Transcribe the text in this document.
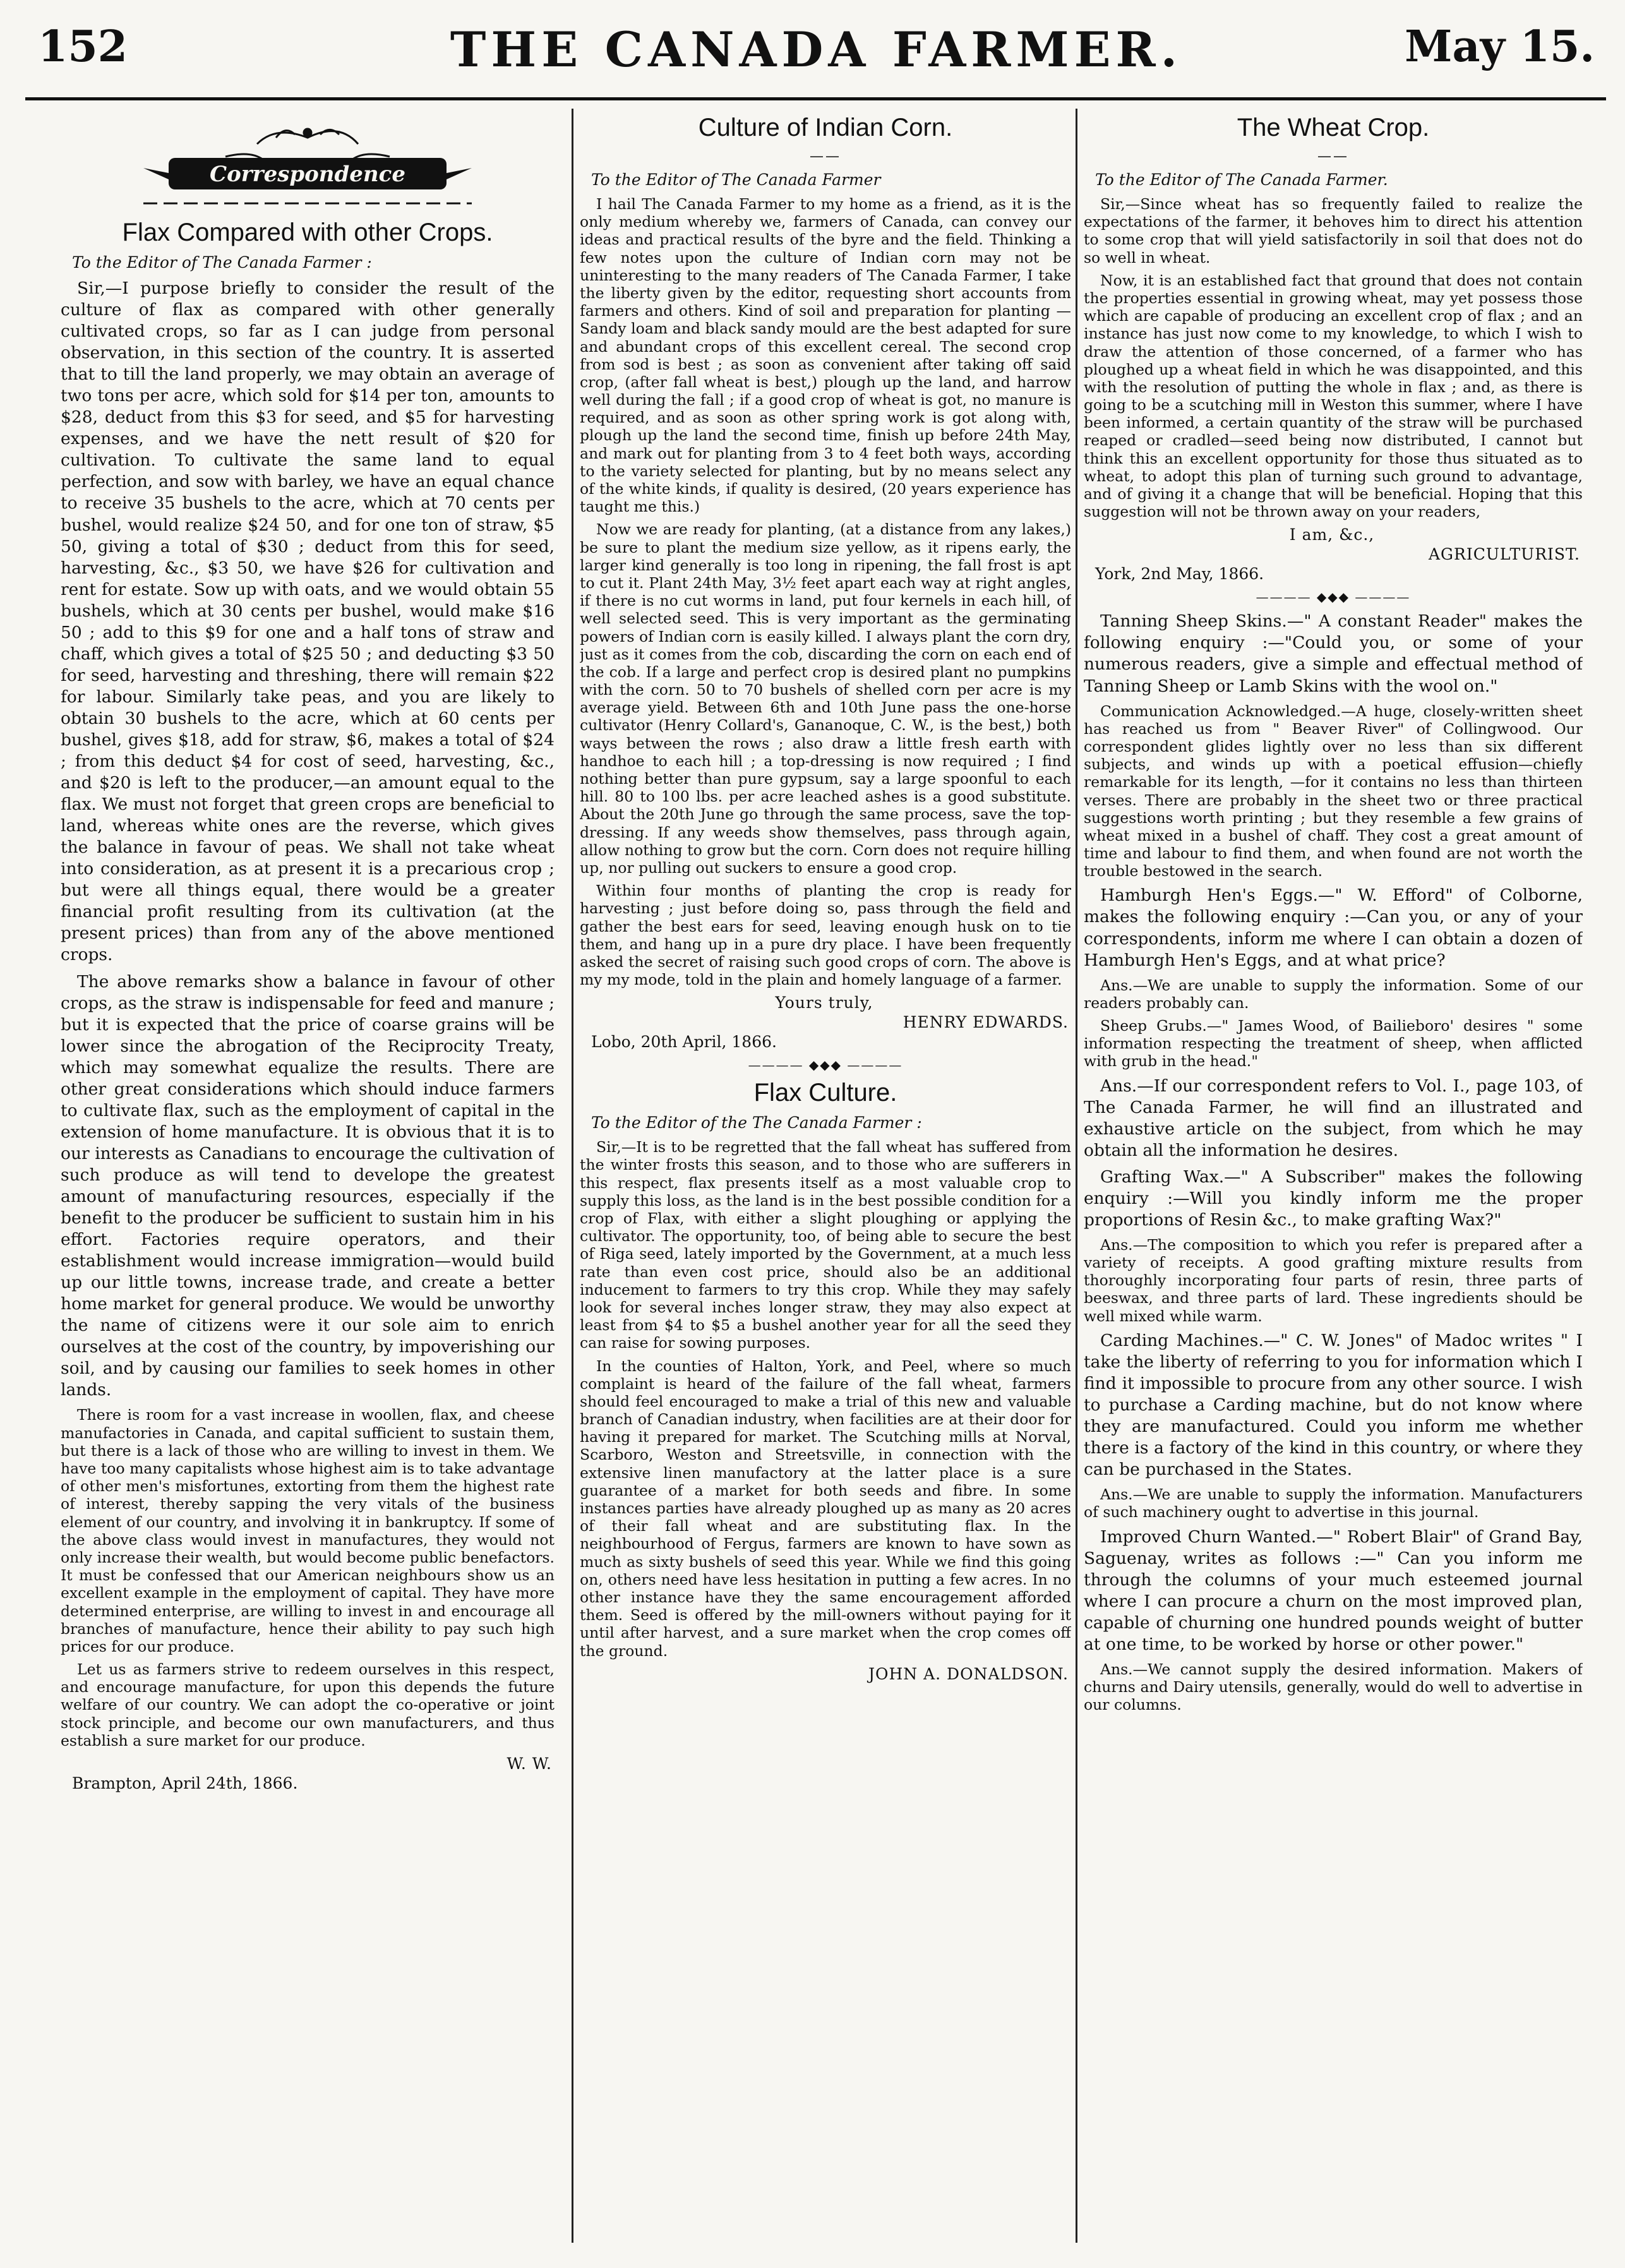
152	THE CANADA FARMER.	May 15.
Correspondence
Flax Compared with other Crops.
To the Editor of The Canada Farmer :

Sir,—I purpose briefly to consider the result of the culture of flax as compared with other generally cultivated crops, so far as I can judge from personal observation, in this section of the country. It is asserted that to till the land properly, we may obtain an average of two tons per acre, which sold for $14 per ton, amounts to $28, deduct from this $3 for seed, and $5 for harvesting expenses, and we have the nett result of $20 for cultivation. To cultivate the same land to equal perfection, and sow with barley, we have an equal chance to receive 35 bushels to the acre, which at 70 cents per bushel, would realize $24 50, and for one ton of straw, $5 50, giving a total of $30 ; deduct from this for seed, harvesting, &c., $3 50, we have $26 for cultivation and rent for estate. Sow up with oats, and we would obtain 55 bushels, which at 30 cents per bushel, would make $16 50 ; add to this $9 for one and a half tons of straw and chaff, which gives a total of $25 50 ; and deducting $3 50 for seed, harvesting and threshing, there will remain $22 for labour. Similarly take peas, and you are likely to obtain 30 bushels to the acre, which at 60 cents per bushel, gives $18, add for straw, $6, makes a total of $24 ; from this deduct $4 for cost of seed, harvesting, &c., and $20 is left to the producer,—an amount equal to the flax. We must not forget that green crops are beneficial to land, whereas white ones are the reverse, which gives the balance in favour of peas. We shall not take wheat into consideration, as at present it is a precarious crop ; but were all things equal, there would be a greater financial profit resulting from its cultivation (at the present prices) than from any of the above mentioned crops.

The above remarks show a balance in favour of other crops, as the straw is indispensable for feed and manure ; but it is expected that the price of coarse grains will be lower since the abrogation of the Reciprocity Treaty, which may somewhat equalize the results. There are other great considerations which should induce farmers to cultivate flax, such as the employment of capital in the extension of home manufacture. It is obvious that it is to our interests as Canadians to encourage the cultivation of such produce as will tend to develope the greatest amount of manufacturing resources, especially if the benefit to the producer be sufficient to sustain him in his effort. Factories require operators, and their establishment would increase immigration—would build up our little towns, increase trade, and create a better home market for general produce. We would be unworthy the name of citizens were it our sole aim to enrich ourselves at the cost of the country, by impoverishing our soil, and by causing our families to seek homes in other lands.

There is room for a vast increase in woollen, flax, and cheese manufactories in Canada, and capital sufficient to sustain them, but there is a lack of those who are willing to invest in them. We have too many capitalists whose highest aim is to take advantage of other men's misfortunes, extorting from them the highest rate of interest, thereby sapping the very vitals of the business element of our country, and involving it in bankruptcy. If some of the above class would invest in manufactures, they would not only increase their wealth, but would become public benefactors. It must be confessed that our American neighbours show us an excellent example in the employment of capital. They have more determined enterprise, are willing to invest in and encourage all branches of manufacture, hence their ability to pay such high prices for our produce.

Let us as farmers strive to redeem ourselves in this respect, and encourage manufacture, for upon this depends the future welfare of our country. We can adopt the co-operative or joint stock principle, and become our own manufacturers, and thus establish a sure market for our produce.

W. W.
Brampton, April 24th, 1866.
Culture of Indian Corn.
——
To the Editor of The Canada Farmer

I hail The Canada Farmer to my home as a friend, as it is the only medium whereby we, farmers of Canada, can convey our ideas and practical results of the byre and the field. Thinking a few notes upon the culture of Indian corn may not be uninteresting to the many readers of The Canada Farmer, I take the liberty given by the editor, requesting short accounts from farmers and others. Kind of soil and preparation for planting —Sandy loam and black sandy mould are the best adapted for sure and abundant crops of this excellent cereal. The second crop from sod is best ; as soon as convenient after taking off said crop, (after fall wheat is best,) plough up the land, and harrow well during the fall ; if a good crop of wheat is got, no manure is required, and as soon as other spring work is got along with, plough up the land the second time, finish up before 24th May, and mark out for planting from 3 to 4 feet both ways, according to the variety selected for planting, but by no means select any of the white kinds, if quality is desired, (20 years experience has taught me this.)

Now we are ready for planting, (at a distance from any lakes,) be sure to plant the medium size yellow, as it ripens early, the larger kind generally is too long in ripening, the fall frost is apt to cut it. Plant 24th May, 3½ feet apart each way at right angles, if there is no cut worms in land, put four kernels in each hill, of well selected seed. This is very important as the germinating powers of Indian corn is easily killed. I always plant the corn dry, just as it comes from the cob, discarding the corn on each end of the cob. If a large and perfect crop is desired plant no pumpkins with the corn. 50 to 70 bushels of shelled corn per acre is my average yield. Between 6th and 10th June pass the one-horse cultivator (Henry Collard's, Gananoque, C. W., is the best,) both ways between the rows ; also draw a little fresh earth with handhoe to each hill ; a top-dressing is now required ; I find nothing better than pure gypsum, say a large spoonful to each hill. 80 to 100 lbs. per acre leached ashes is a good substitute. About the 20th June go through the same process, save the top-dressing. If any weeds show themselves, pass through again, allow nothing to grow but the corn. Corn does not require hilling up, nor pulling out suckers to ensure a good crop.

Within four months of planting the crop is ready for harvesting ; just before doing so, pass through the field and gather the best ears for seed, leaving enough husk on to tie them, and hang up in a pure dry place. I have been frequently asked the secret of raising such good crops of corn. The above is my my mode, told in the plain and homely language of a farmer.

Yours truly,
HENRY EDWARDS.
Lobo, 20th April, 1866.
———— ◆◆◆ ————
Flax Culture.
To the Editor of the The Canada Farmer :

Sir,—It is to be regretted that the fall wheat has suffered from the winter frosts this season, and to those who are sufferers in this respect, flax presents itself as a most valuable crop to supply this loss, as the land is in the best possible condition for a crop of Flax, with either a slight ploughing or applying the cultivator. The opportunity, too, of being able to secure the best of Riga seed, lately imported by the Government, at a much less rate than even cost price, should also be an additional inducement to farmers to try this crop. While they may safely look for several inches longer straw, they may also expect at least from $4 to $5 a bushel another year for all the seed they can raise for sowing purposes.

In the counties of Halton, York, and Peel, where so much complaint is heard of the failure of the fall wheat, farmers should feel encouraged to make a trial of this new and valuable branch of Canadian industry, when facilities are at their door for having it prepared for market. The Scutching mills at Norval, Scarboro, Weston and Streetsville, in connection with the extensive linen manufactory at the latter place is a sure guarantee of a market for both seeds and fibre. In some instances parties have already ploughed up as many as 20 acres of their fall wheat and are substituting flax. In the neighbourhood of Fergus, farmers are known to have sown as much as sixty bushels of seed this year. While we find this going on, others need have less hesitation in putting a few acres. In no other instance have they the same encouragement afforded them. Seed is offered by the mill-owners without paying for it until after harvest, and a sure market when the crop comes off the ground.

JOHN A. DONALDSON.
The Wheat Crop.
——
To the Editor of The Canada Farmer.

Sir,—Since wheat has so frequently failed to realize the expectations of the farmer, it behoves him to direct his attention to some crop that will yield satisfactorily in soil that does not do so well in wheat.

Now, it is an established fact that ground that does not contain the properties essential in growing wheat, may yet possess those which are capable of producing an excellent crop of flax ; and an instance has just now come to my knowledge, to which I wish to draw the attention of those concerned, of a farmer who has ploughed up a wheat field in which he was disappointed, and this with the resolution of putting the whole in flax ; and, as there is going to be a scutching mill in Weston this summer, where I have been informed, a certain quantity of the straw will be purchased reaped or cradled—seed being now distributed, I cannot but think this an excellent opportunity for those thus situated as to wheat, to adopt this plan of turning such ground to advantage, and of giving it a change that will be beneficial. Hoping that this suggestion will not be thrown away on your readers,

I am, &c.,
AGRICULTURIST.
York, 2nd May, 1866.
———— ◆◆◆ ————

Tanning Sheep Skins.—" A constant Reader" makes the following enquiry :—"Could you, or some of your numerous readers, give a simple and effectual method of Tanning Sheep or Lamb Skins with the wool on."

Communication Acknowledged.—A huge, closely-written sheet has reached us from " Beaver River" of Collingwood. Our correspondent glides lightly over no less than six different subjects, and winds up with a poetical effusion—chiefly remarkable for its length, —for it contains no less than thirteen verses. There are probably in the sheet two or three practical suggestions worth printing ; but they resemble a few grains of wheat mixed in a bushel of chaff. They cost a great amount of time and labour to find them, and when found are not worth the trouble bestowed in the search.

Hamburgh Hen's Eggs.—" W. Efford" of Colborne, makes the following enquiry :—Can you, or any of your correspondents, inform me where I can obtain a dozen of Hamburgh Hen's Eggs, and at what price?

Ans.—We are unable to supply the information. Some of our readers probably can.

Sheep Grubs.—" James Wood, of Bailieboro' desires " some information respecting the treatment of sheep, when afflicted with grub in the head."

Ans.—If our correspondent refers to Vol. I., page 103, of The Canada Farmer, he will find an illustrated and exhaustive article on the subject, from which he may obtain all the information he desires.

Grafting Wax.—" A Subscriber" makes the following enquiry :—Will you kindly inform me the proper proportions of Resin &c., to make grafting Wax?"

Ans.—The composition to which you refer is prepared after a variety of receipts. A good grafting mixture results from thoroughly incorporating four parts of resin, three parts of beeswax, and three parts of lard. These ingredients should be well mixed while warm.

Carding Machines.—" C. W. Jones" of Madoc writes " I take the liberty of referring to you for information which I find it impossible to procure from any other source. I wish to purchase a Carding machine, but do not know where they are manufactured. Could you inform me whether there is a factory of the kind in this country, or where they can be purchased in the States.

Ans.—We are unable to supply the information. Manufacturers of such machinery ought to advertise in this journal.

Improved Churn Wanted.—" Robert Blair" of Grand Bay, Saguenay, writes as follows :—" Can you inform me through the columns of your much esteemed journal where I can procure a churn on the most improved plan, capable of churning one hundred pounds weight of butter at one time, to be worked by horse or other power."

Ans.—We cannot supply the desired information. Makers of churns and Dairy utensils, generally, would do well to advertise in our columns.
